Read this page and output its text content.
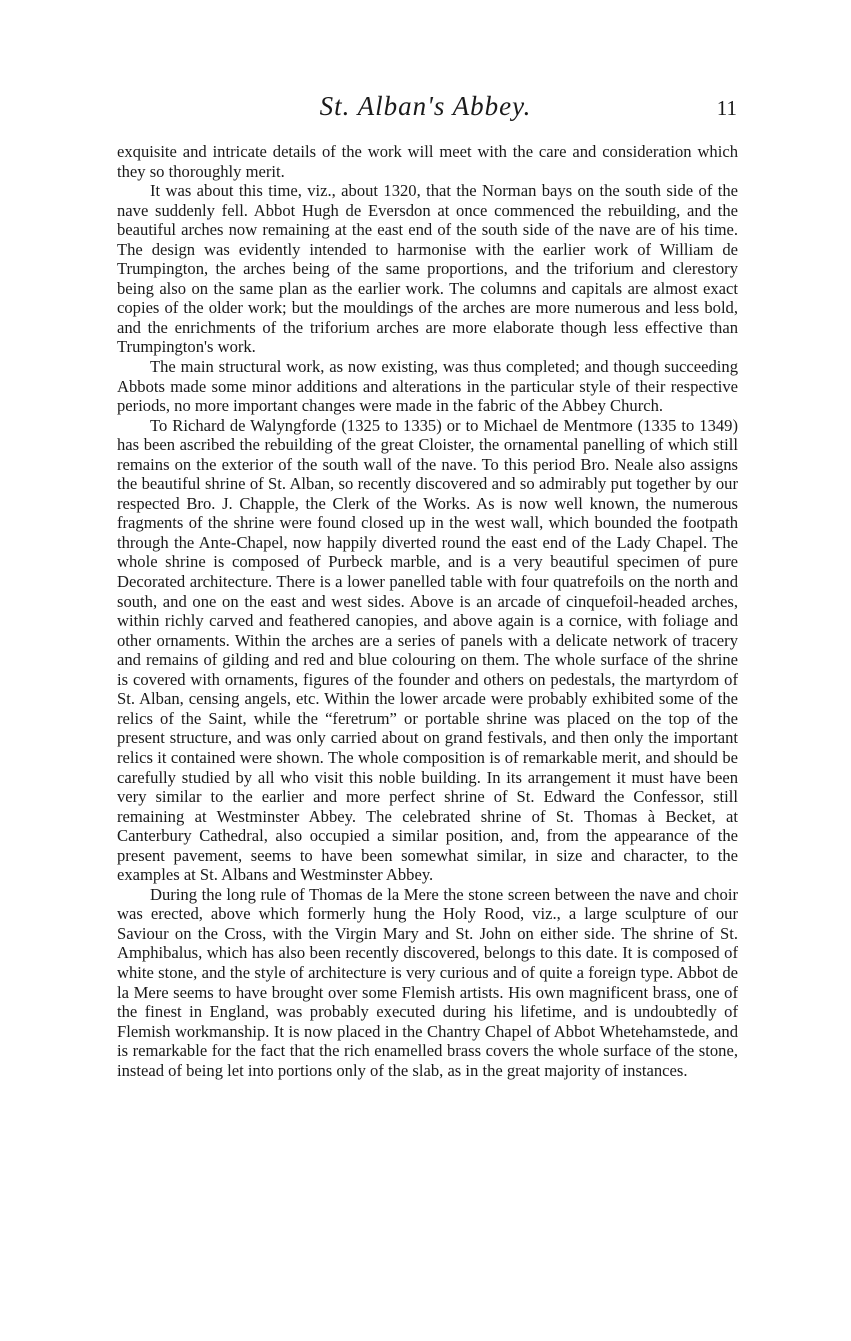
St. Alban's Abbey.	11

exquisite and intricate details of the work will meet with the care and consideration which they so thoroughly merit.

It was about this time, viz., about 1320, that the Norman bays on the south side of the nave suddenly fell. Abbot Hugh de Eversdon at once commenced the rebuilding, and the beautiful arches now remaining at the east end of the south side of the nave are of his time. The design was evidently intended to harmonise with the earlier work of William de Trumpington, the arches being of the same proportions, and the triforium and clerestory being also on the same plan as the earlier work. The columns and capitals are almost exact copies of the older work; but the mouldings of the arches are more numerous and less bold, and the enrichments of the triforium arches are more elaborate though less effective than Trumpington's work.

The main structural work, as now existing, was thus completed; and though succeeding Abbots made some minor additions and alterations in the particular style of their respective periods, no more important changes were made in the fabric of the Abbey Church.

To Richard de Walyngforde (1325 to 1335) or to Michael de Mentmore (1335 to 1349) has been ascribed the rebuilding of the great Cloister, the ornamental panelling of which still remains on the exterior of the south wall of the nave. To this period Bro. Neale also assigns the beautiful shrine of St. Alban, so recently discovered and so admirably put together by our respected Bro. J. Chapple, the Clerk of the Works. As is now well known, the numerous fragments of the shrine were found closed up in the west wall, which bounded the footpath through the Ante-Chapel, now happily diverted round the east end of the Lady Chapel. The whole shrine is composed of Purbeck marble, and is a very beautiful specimen of pure Decorated architecture. There is a lower panelled table with four quatrefoils on the north and south, and one on the east and west sides. Above is an arcade of cinquefoil-headed arches, within richly carved and feathered canopies, and above again is a cornice, with foliage and other ornaments. Within the arches are a series of panels with a delicate network of tracery and remains of gilding and red and blue colouring on them. The whole surface of the shrine is covered with ornaments, figures of the founder and others on pedestals, the martyrdom of St. Alban, censing angels, etc. Within the lower arcade were probably exhibited some of the relics of the Saint, while the “feretrum” or portable shrine was placed on the top of the present structure, and was only carried about on grand festivals, and then only the important relics it contained were shown. The whole composition is of remarkable merit, and should be carefully studied by all who visit this noble building. In its arrangement it must have been very similar to the earlier and more perfect shrine of St. Edward the Confessor, still remaining at Westminster Abbey. The celebrated shrine of St. Thomas à Becket, at Canterbury Cathedral, also occupied a similar position, and, from the appearance of the present pavement, seems to have been somewhat similar, in size and character, to the examples at St. Albans and Westminster Abbey.

During the long rule of Thomas de la Mere the stone screen between the nave and choir was erected, above which formerly hung the Holy Rood, viz., a large sculpture of our Saviour on the Cross, with the Virgin Mary and St. John on either side. The shrine of St. Amphibalus, which has also been recently discovered, belongs to this date. It is composed of white stone, and the style of architecture is very curious and of quite a foreign type. Abbot de la Mere seems to have brought over some Flemish artists. His own magnificent brass, one of the finest in England, was probably executed during his lifetime, and is undoubtedly of Flemish workmanship. It is now placed in the Chantry Chapel of Abbot Whetehamstede, and is remarkable for the fact that the rich enamelled brass covers the whole surface of the stone, instead of being let into portions only of the slab, as in the great majority of instances.
